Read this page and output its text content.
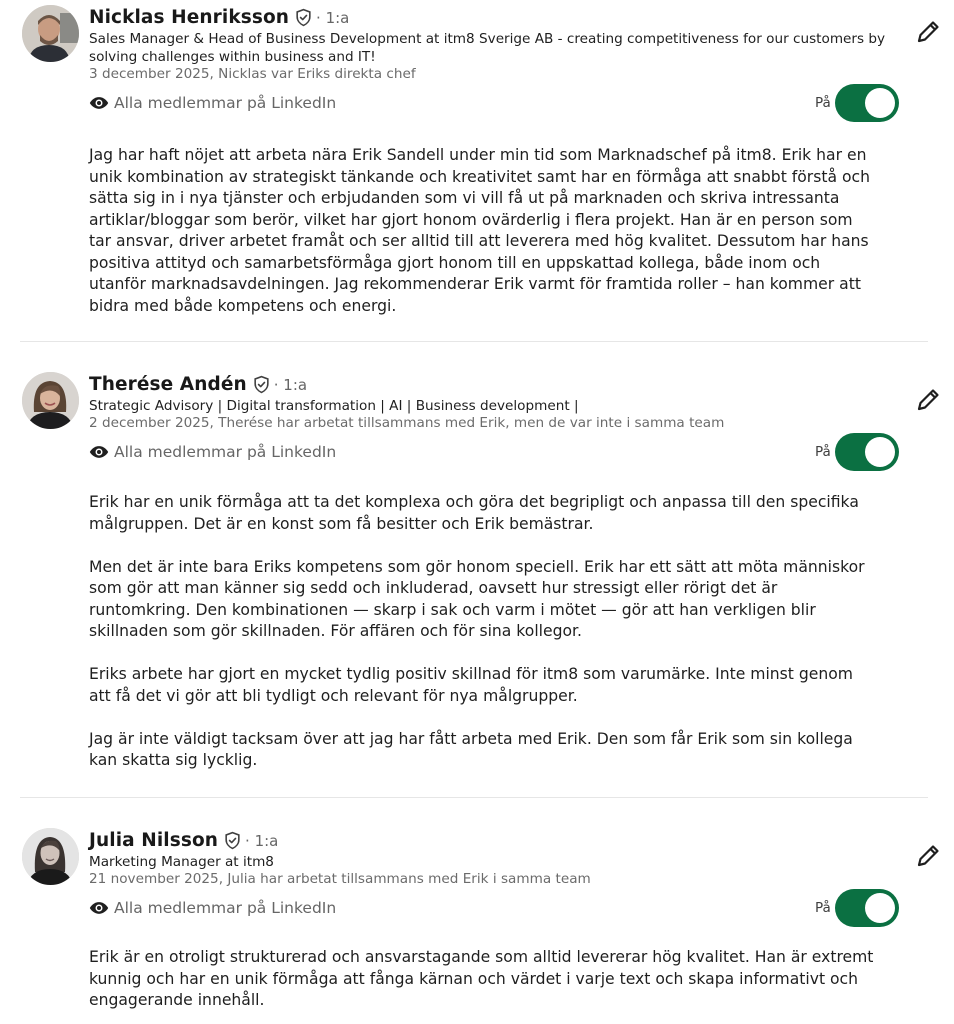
Nicklas Henriksson · 1:a
Sales Manager & Head of Business Development at itm8 Sverige AB - creating competitiveness for our customers by solving challenges within business and IT!
3 december 2025, Nicklas var Eriks direkta chef
Alla medlemmar på LinkedIn	På

Jag har haft nöjet att arbeta nära Erik Sandell under min tid som Marknadschef på itm8. Erik har en unik kombination av strategiskt tänkande och kreativitet samt har en förmåga att snabbt förstå och sätta sig in i nya tjänster och erbjudanden som vi vill få ut på marknaden och skriva intressanta artiklar/bloggar som berör, vilket har gjort honom ovärderlig i flera projekt. Han är en person som tar ansvar, driver arbetet framåt och ser alltid till att leverera med hög kvalitet. Dessutom har hans positiva attityd och samarbetsförmåga gjort honom till en uppskattad kollega, både inom och utanför marknadsavdelningen. Jag rekommenderar Erik varmt för framtida roller – han kommer att bidra med både kompetens och energi.

Therése Andén · 1:a
Strategic Advisory | Digital transformation | AI | Business development |
2 december 2025, Therése har arbetat tillsammans med Erik, men de var inte i samma team
Alla medlemmar på LinkedIn	På

Erik har en unik förmåga att ta det komplexa och göra det begripligt och anpassa till den specifika målgruppen. Det är en konst som få besitter och Erik bemästrar.

Men det är inte bara Eriks kompetens som gör honom speciell. Erik har ett sätt att möta människor som gör att man känner sig sedd och inkluderad, oavsett hur stressigt eller rörigt det är runtomkring. Den kombinationen — skarp i sak och varm i mötet — gör att han verkligen blir skillnaden som gör skillnaden. För affären och för sina kollegor.

Eriks arbete har gjort en mycket tydlig positiv skillnad för itm8 som varumärke. Inte minst genom att få det vi gör att bli tydligt och relevant för nya målgrupper.

Jag är inte väldigt tacksam över att jag har fått arbeta med Erik. Den som får Erik som sin kollega kan skatta sig lycklig.

Julia Nilsson · 1:a
Marketing Manager at itm8
21 november 2025, Julia har arbetat tillsammans med Erik i samma team
Alla medlemmar på LinkedIn	På

Erik är en otroligt strukturerad och ansvarstagande som alltid levererar hög kvalitet. Han är extremt kunnig och har en unik förmåga att fånga kärnan och värdet i varje text och skapa informativt och engagerande innehåll.
